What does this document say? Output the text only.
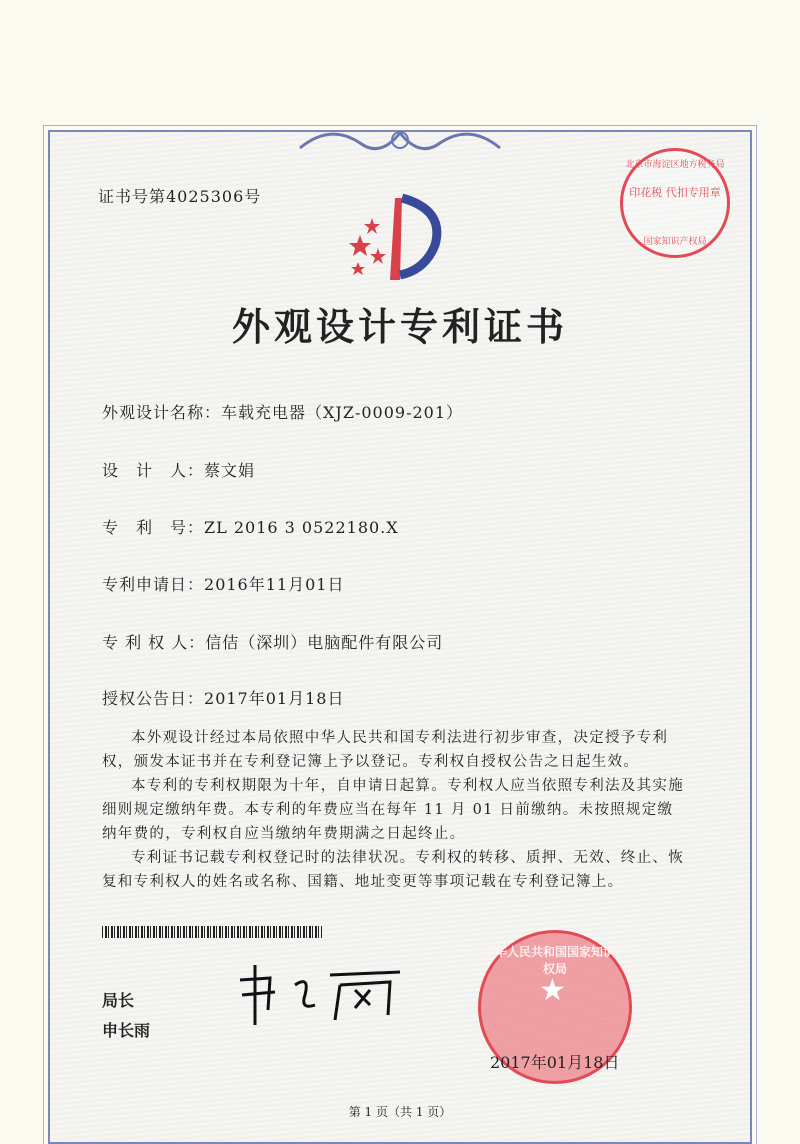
证书号第4025306号
外观设计专利证书
外观设计名称：车载充电器（XJZ-0009-201）
设　计　人：蔡文娟
专　利　号：ZL 2016 3 0522180.X
专利申请日：2016年11月01日
专 利 权 人：信佶（深圳）电脑配件有限公司
授权公告日：2017年01月18日

本外观设计经过本局依照中华人民共和国专利法进行初步审查，决定授予专利权，颁发本证书并在专利登记簿上予以登记。专利权自授权公告之日起生效。

本专利的专利权期限为十年，自申请日起算。专利权人应当依照专利法及其实施细则规定缴纳年费。本专利的年费应当在每年 11 月 01 日前缴纳。未按照规定缴纳年费的，专利权自应当缴纳年费期满之日起终止。

专利证书记载专利权登记时的法律状况。专利权的转移、质押、无效、终止、恢复和专利权人的姓名或名称、国籍、地址变更等事项记载在专利登记簿上。

局长
申长雨
北京市海淀区地方税务局
印花税 代扣专用章
国家知识产权局
中华人民共和国国家知识产权局
★
2017年01月18日
第 1 页（共 1 页）
